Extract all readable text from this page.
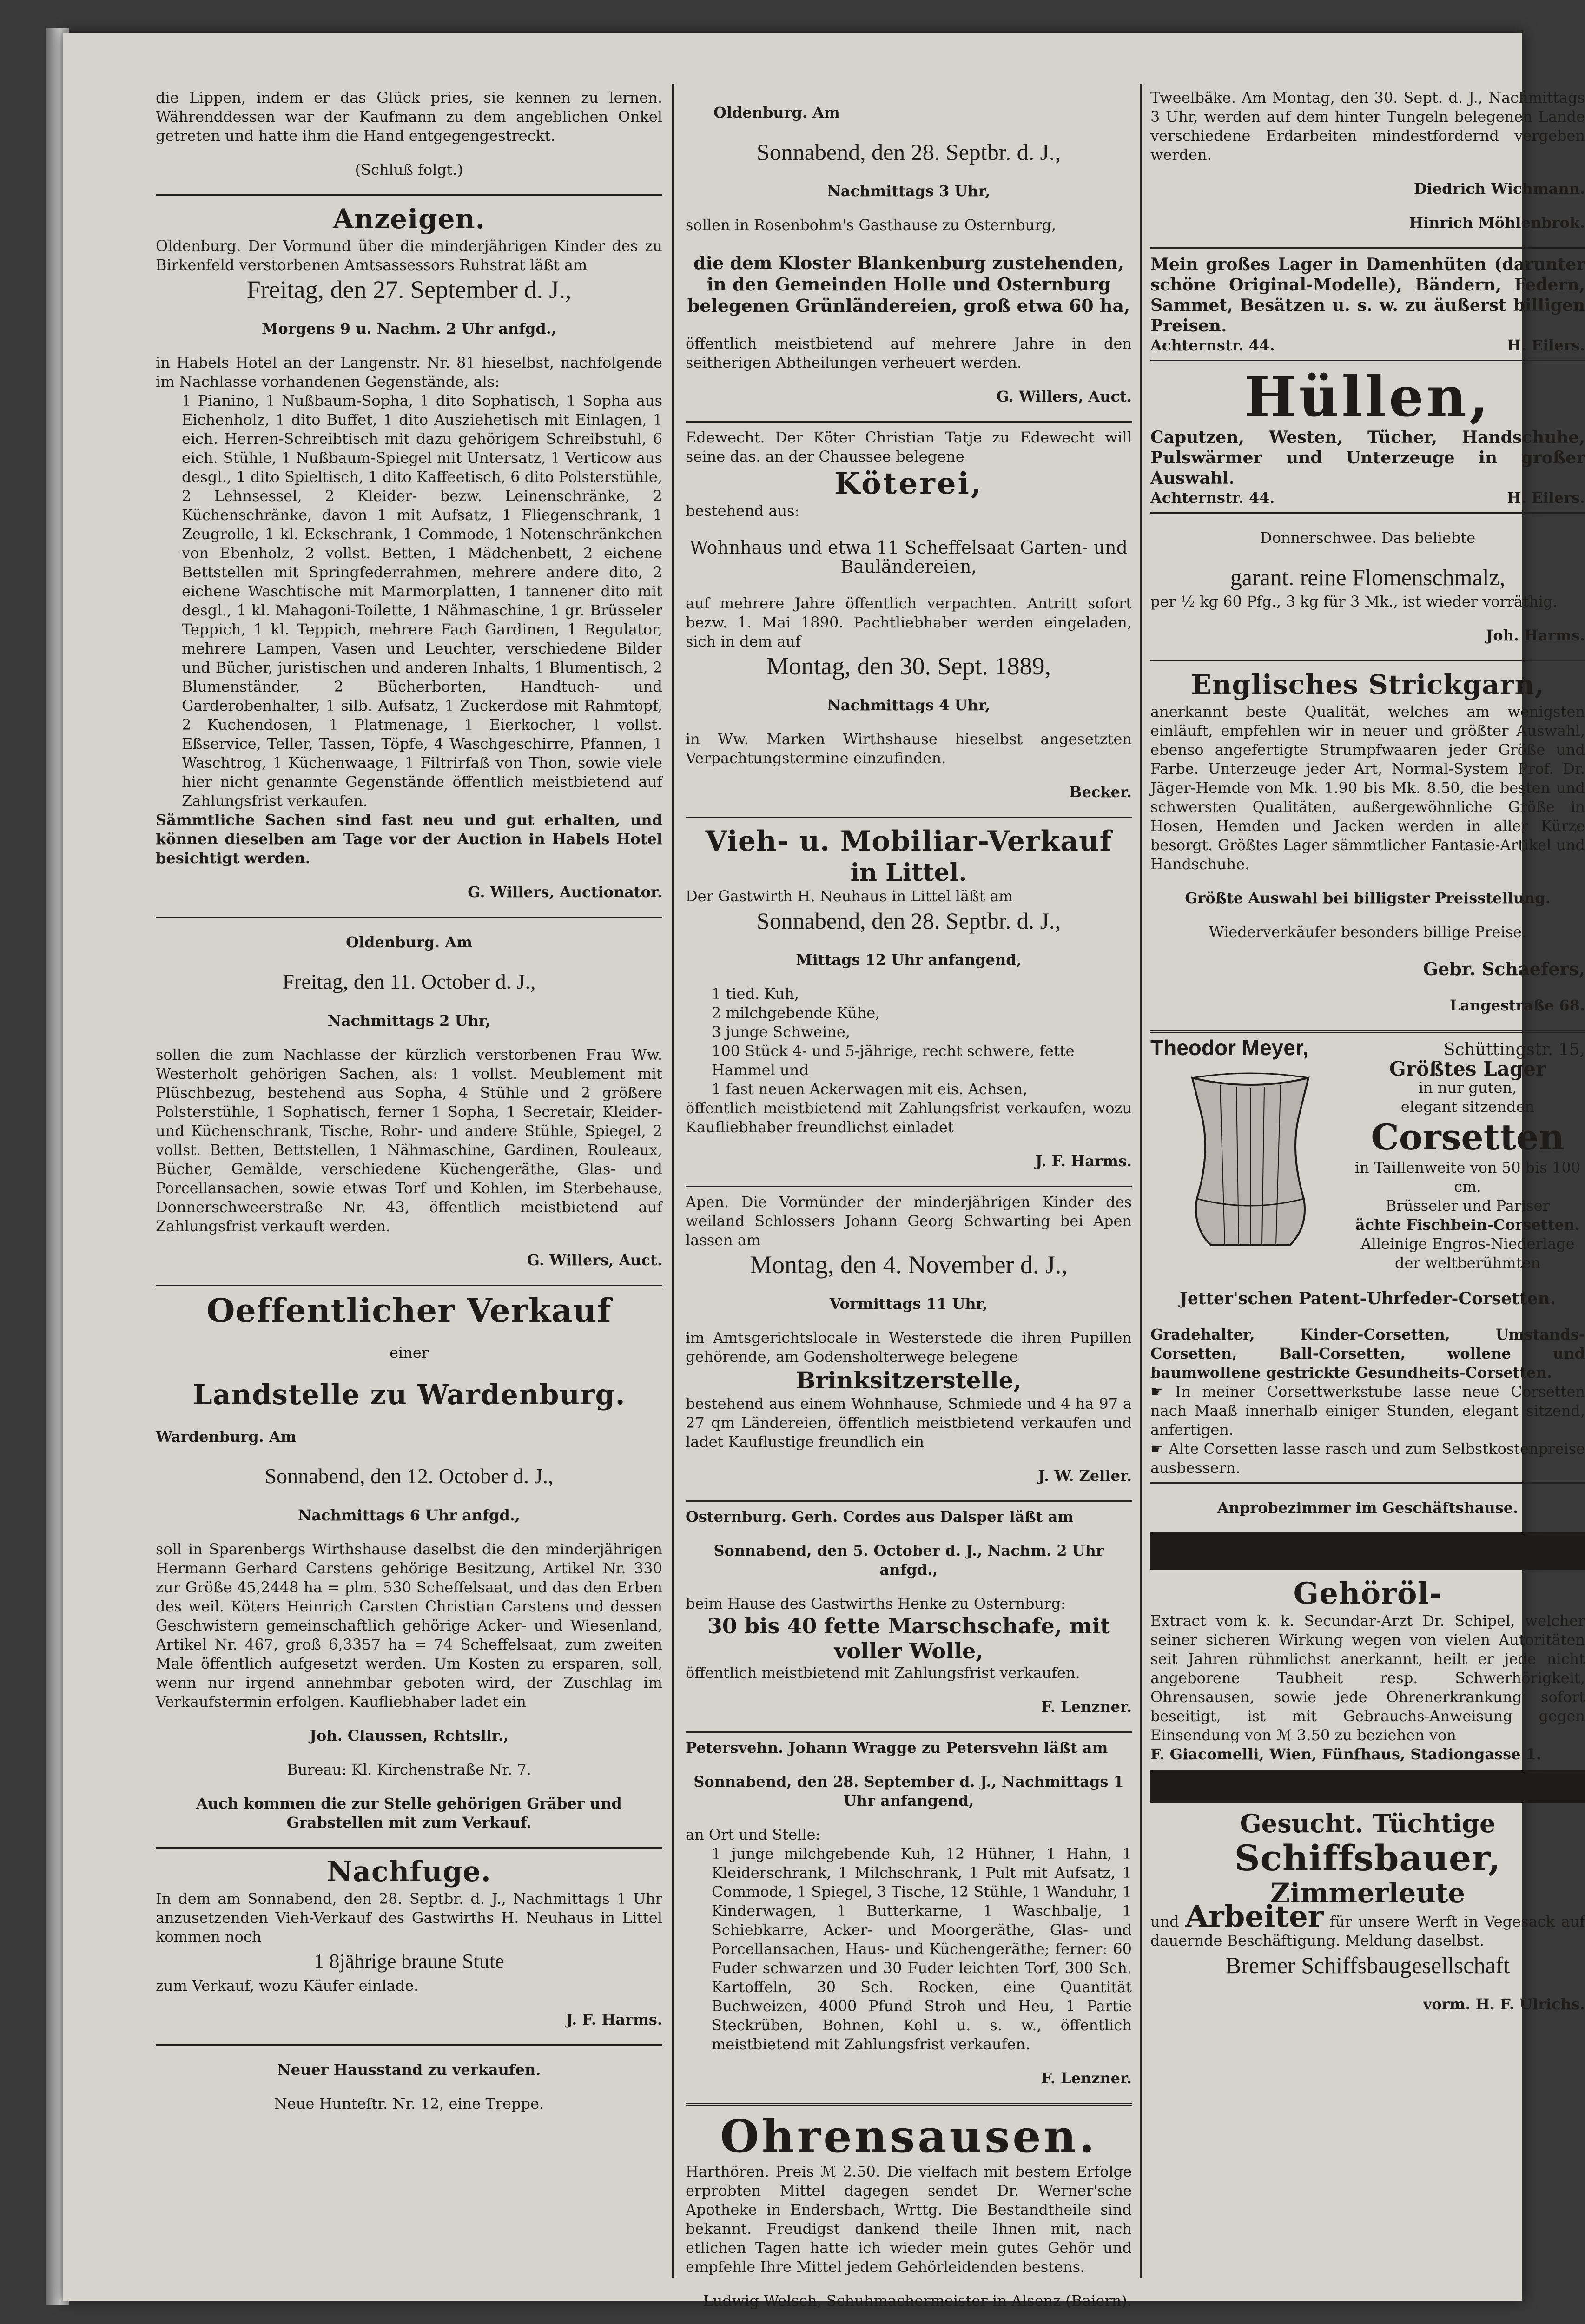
die Lippen, indem er das Glück pries, sie kennen zu lernen. Währenddessen war der Kaufmann zu dem angeblichen Onkel getreten und hatte ihm die Hand entgegengestreckt.

(Schluß folgt.)

Anzeigen.

Oldenburg. Der Vormund über die minderjährigen Kinder des zu Birkenfeld verstorbenen Amtsassessors Ruhstrat läßt am

Freitag, den 27. September d. J.,

Morgens 9 u. Nachm. 2 Uhr anfgd.,

in Habels Hotel an der Langenstr. Nr. 81 hieselbst, nachfolgende im Nachlasse vorhandenen Gegenstände, als:

1 Pianino, 1 Nußbaum-Sopha, 1 dito Sophatisch, 1 Sopha aus Eichenholz, 1 dito Buffet, 1 dito Ausziehetisch mit Einlagen, 1 eich. Herren-Schreibtisch mit dazu gehörigem Schreibstuhl, 6 eich. Stühle, 1 Nußbaum-Spiegel mit Untersatz, 1 Verticow aus desgl., 1 dito Spieltisch, 1 dito Kaffeetisch, 6 dito Polsterstühle, 2 Lehnsessel, 2 Kleider- bezw. Leinenschränke, 2 Küchenschränke, davon 1 mit Aufsatz, 1 Fliegenschrank, 1 Zeugrolle, 1 kl. Eckschrank, 1 Commode, 1 Notenschränkchen von Ebenholz, 2 vollst. Betten, 1 Mädchenbett, 2 eichene Bettstellen mit Springfederrahmen, mehrere andere dito, 2 eichene Waschtische mit Marmorplatten, 1 tannener dito mit desgl., 1 kl. Mahagoni-Toilette, 1 Nähmaschine, 1 gr. Brüsseler Teppich, 1 kl. Teppich, mehrere Fach Gardinen, 1 Regulator, mehrere Lampen, Vasen und Leuchter, verschiedene Bilder und Bücher, juristischen und anderen Inhalts, 1 Blumentisch, 2 Blumenständer, 2 Bücherborten, Handtuch- und Garderobenhalter, 1 silb. Aufsatz, 1 Zuckerdose mit Rahmtopf, 2 Kuchendosen, 1 Platmenage, 1 Eierkocher, 1 vollst. Eßservice, Teller, Tassen, Töpfe, 4 Waschgeschirre, Pfannen, 1 Waschtrog, 1 Küchenwaage, 1 Filtrirfaß von Thon, sowie viele hier nicht genannte Gegenstände öffentlich meistbietend auf Zahlungsfrist verkaufen.

Sämmtliche Sachen sind fast neu und gut erhalten, und können dieselben am Tage vor der Auction in Habels Hotel besichtigt werden.

G. Willers, Auctionator.

Oldenburg. Am

Freitag, den 11. October d. J.,

Nachmittags 2 Uhr,

sollen die zum Nachlasse der kürzlich verstorbenen Frau Ww. Westerholt gehörigen Sachen, als: 1 vollst. Meublement mit Plüschbezug, bestehend aus Sopha, 4 Stühle und 2 größere Polsterstühle, 1 Sophatisch, ferner 1 Sopha, 1 Secretair, Kleider- und Küchenschrank, Tische, Rohr- und andere Stühle, Spiegel, 2 vollst. Betten, Bettstellen, 1 Nähmaschine, Gardinen, Rouleaux, Bücher, Gemälde, verschiedene Küchengeräthe, Glas- und Porcellansachen, sowie etwas Torf und Kohlen, im Sterbehause, Donnerschweerstraße Nr. 43, öffentlich meistbietend auf Zahlungsfrist verkauft werden.

G. Willers, Auct.

Oeffentlicher Verkauf

einer

Landstelle zu Wardenburg.

Wardenburg. Am

Sonnabend, den 12. October d. J.,

Nachmittags 6 Uhr anfgd.,

soll in Sparenbergs Wirthshause daselbst die den minderjährigen Hermann Gerhard Carstens gehörige Besitzung, Artikel Nr. 330 zur Größe 45,2448 ha = plm. 530 Scheffelsaat, und das den Erben des weil. Köters Heinrich Carsten Christian Carstens und dessen Geschwistern gemeinschaftlich gehörige Acker- und Wiesenland, Artikel Nr. 467, groß 6,3357 ha = 74 Scheffelsaat, zum zweiten Male öffentlich aufgesetzt werden. Um Kosten zu ersparen, soll, wenn nur irgend annehmbar geboten wird, der Zuschlag im Verkaufstermin erfolgen. Kaufliebhaber ladet ein

Joh. Claussen, Rchtsllr.,

Bureau: Kl. Kirchenstraße Nr. 7.

Auch kommen die zur Stelle gehörigen Gräber und Grabstellen mit zum Verkauf.

Nachfuge.

In dem am Sonnabend, den 28. Septbr. d. J., Nachmittags 1 Uhr anzusetzenden Vieh-Verkauf des Gastwirths H. Neuhaus in Littel kommen noch

1 8jährige braune Stute

zum Verkauf, wozu Käufer einlade.

J. F. Harms.

Neuer Hausstand zu verkaufen.

Neue Hunteſtr. Nr. 12, eine Treppe.

Oldenburg. Am

Sonnabend, den 28. Septbr. d. J.,

Nachmittags 3 Uhr,

sollen in Rosenbohm's Gasthause zu Osternburg,

die dem Kloster Blankenburg zustehenden, in den Gemeinden Holle und Osternburg belegenen Grünländereien, groß etwa 60 ha,

öffentlich meistbietend auf mehrere Jahre in den seitherigen Abtheilungen verheuert werden.

G. Willers, Auct.

Edewecht. Der Köter Christian Tatje zu Edewecht will seine das. an der Chaussee belegene

Köterei,

bestehend aus:

Wohnhaus und etwa 11 Scheffelsaat Garten- und Bauländereien,

auf mehrere Jahre öffentlich verpachten. Antritt sofort bezw. 1. Mai 1890. Pachtliebhaber werden eingeladen, sich in dem auf

Montag, den 30. Sept. 1889,

Nachmittags 4 Uhr,

in Ww. Marken Wirthshause hieselbst angesetzten Verpachtungstermine einzufinden.

Becker.

Vieh- u. Mobiliar-Verkauf
in Littel.

Der Gastwirth H. Neuhaus in Littel läßt am

Sonnabend, den 28. Septbr. d. J.,

Mittags 12 Uhr anfangend,

1 tied. Kuh,
2 milchgebende Kühe,
3 junge Schweine,
100 Stück 4- und 5-jährige, recht schwere, fette Hammel und
1 fast neuen Ackerwagen mit eis. Achsen,

öffentlich meistbietend mit Zahlungsfrist verkaufen, wozu Kaufliebhaber freundlichst einladet

J. F. Harms.

Apen. Die Vormünder der minderjährigen Kinder des weiland Schlossers Johann Georg Schwarting bei Apen lassen am

Montag, den 4. November d. J.,

Vormittags 11 Uhr,

im Amtsgerichtslocale in Westerstede die ihren Pupillen gehörende, am Godensholterwege belegene

Brinksitzerstelle,

bestehend aus einem Wohnhause, Schmiede und 4 ha 97 a 27 qm Ländereien, öffentlich meistbietend verkaufen und ladet Kauflustige freundlich ein

J. W. Zeller.

Osternburg. Gerh. Cordes aus Dalsper läßt am

Sonnabend, den 5. October d. J., Nachm. 2 Uhr anfgd.,

beim Hause des Gastwirths Henke zu Osternburg:

30 bis 40 fette Marschschafe, mit voller Wolle,

öffentlich meistbietend mit Zahlungsfrist verkaufen.

F. Lenzner.

Petersvehn. Johann Wragge zu Petersvehn läßt am

Sonnabend, den 28. September d. J., Nachmittags 1 Uhr anfangend,

an Ort und Stelle:

1 junge milchgebende Kuh, 12 Hühner, 1 Hahn, 1 Kleiderschrank, 1 Milchschrank, 1 Pult mit Aufsatz, 1 Commode, 1 Spiegel, 3 Tische, 12 Stühle, 1 Wanduhr, 1 Kinderwagen, 1 Butterkarne, 1 Waschbalje, 1 Schiebkarre, Acker- und Moorgeräthe, Glas- und Porcellansachen, Haus- und Küchengeräthe; ferner: 60 Fuder schwarzen und 30 Fuder leichten Torf, 300 Sch. Kartoffeln, 30 Sch. Rocken, eine Quantität Buchweizen, 4000 Pfund Stroh und Heu, 1 Partie Steckrüben, Bohnen, Kohl u. s. w., öffentlich meistbietend mit Zahlungsfrist verkaufen.

F. Lenzner.

Ohrensausen.

Harthören. Preis ℳ 2.50. Die vielfach mit bestem Erfolge erprobten Mittel dagegen sendet Dr. Werner'sche Apotheke in Endersbach, Wrttg. Die Bestandtheile sind bekannt. Freudigst dankend theile Ihnen mit, nach etlichen Tagen hatte ich wieder mein gutes Gehör und empfehle Ihre Mittel jedem Gehörleidenden bestens.

Ludwig Welsch, Schuhmachermeister in Alsenz (Baiern).

Tweelbäke. Am Montag, den 30. Sept. d. J., Nachmittags 3 Uhr, werden auf dem hinter Tungeln belegenen Lande verschiedene Erdarbeiten mindestfordernd vergeben werden.

Diedrich Wichmann.

Hinrich Möhlenbrok.

Mein großes Lager in Damenhüten (darunter schöne Original-Modelle), Bändern, Federn, Sammet, Besätzen u. s. w. zu äußerst billigen Preisen.

Achternstr. 44.	H. Eilers.
Hüllen,

Caputzen, Westen, Tücher, Handschuhe, Pulswärmer und Unterzeuge in großer Auswahl.

Achternstr. 44.	H. Eilers.

Donnerschwee. Das beliebte

garant. reine Flomenschmalz,

per ½ kg 60 Pfg., 3 kg für 3 Mk., ist wieder vorräthig.

Joh. Harms.

Englisches Strickgarn,

anerkannt beste Qualität, welches am wenigsten einläuft, empfehlen wir in neuer und größter Auswahl, ebenso angefertigte Strumpfwaaren jeder Größe und Farbe. Unterzeuge jeder Art, Normal-System Prof. Dr. Jäger-Hemde von Mk. 1.90 bis Mk. 8.50, die besten und schwersten Qualitäten, außergewöhnliche Größe in Hosen, Hemden und Jacken werden in aller Kürze besorgt. Größtes Lager sämmtlicher Fantasie-Artikel und Handschuhe.

Größte Auswahl bei billigster Preisstellung.

Wiederverkäufer besonders billige Preise.

Gebr. Schaefers,

Langestraße 68.

Theodor Meyer,	Schüttingstr. 15,
Größtes Lager
in nur guten,
elegant sitzenden
Corsetten
in Taillenweite von 50 bis 100 cm.
Brüsseler und Pariser
ächte Fischbein-Corsetten.
Alleinige Engros-Niederlage der weltberühmten

Jetter'schen Patent-Uhrfeder-Corsetten.

Gradehalter, Kinder-Corsetten, Umstands-Corsetten, Ball-Corsetten, wollene und baumwollene gestrickte Gesundheits-Corsetten.

☛ In meiner Corsettwerkstube lasse neue Corsetten nach Maaß innerhalb einiger Stunden, elegant sitzend, anfertigen.

☛ Alte Corsetten lasse rasch und zum Selbstkostenpreise ausbessern.

Anprobezimmer im Geschäftshause.

Gehöröl-

Extract vom k. k. Secundar-Arzt Dr. Schipel, welcher seiner sicheren Wirkung wegen von vielen Autoritäten seit Jahren rühmlichst anerkannt, heilt er jede nicht angeborene Taubheit resp. Schwerhörigkeit, Ohrensausen, sowie jede Ohrenerkrankung sofort beseitigt, ist mit Gebrauchs-Anweisung gegen Einsendung von ℳ 3.50 zu beziehen von

F. Giacomelli, Wien, Fünfhaus, Stadiongasse 1.

Gesucht. Tüchtige
Schiffsbauer,
Zimmerleute

und Arbeiter für unsere Werft in Vegesack auf dauernde Beschäftigung. Meldung daselbst.

Bremer Schiffsbaugesellschaft

vorm. H. F. Ulrichs.
